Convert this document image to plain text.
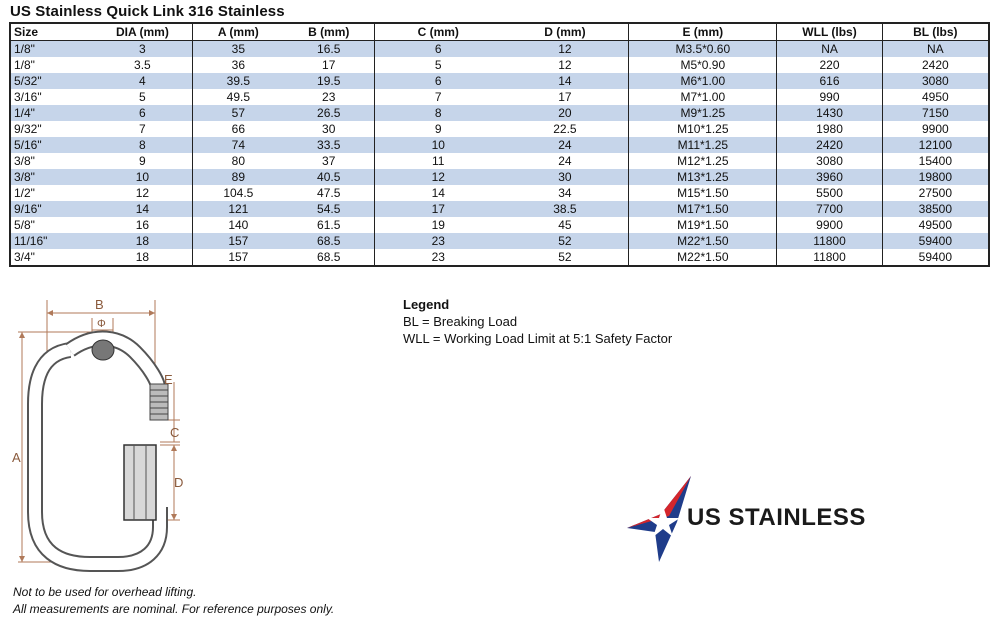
US Stainless Quick Link 316 Stainless
Size	DIA (mm)	A (mm)	B (mm)	C (mm)	D (mm)	E (mm)	WLL (lbs)	BL (lbs)
1/8"	3	35	16.5	6	12	M3.5*0.60	NA	NA
1/8"	3.5	36	17	5	12	M5*0.90	220	2420
5/32"	4	39.5	19.5	6	14	M6*1.00	616	3080
3/16"	5	49.5	23	7	17	M7*1.00	990	4950
1/4"	6	57	26.5	8	20	M9*1.25	1430	7150
9/32"	7	66	30	9	22.5	M10*1.25	1980	9900
5/16"	8	74	33.5	10	24	M11*1.25	2420	12100
3/8"	9	80	37	11	24	M12*1.25	3080	15400
3/8"	10	89	40.5	12	30	M13*1.25	3960	19800
1/2"	12	104.5	47.5	14	34	M15*1.50	5500	27500
9/16"	14	121	54.5	17	38.5	M17*1.50	7700	38500
5/8"	16	140	61.5	19	45	M19*1.50	9900	49500
11/16"	18	157	68.5	23	52	M22*1.50	11800	59400
3/4"	18	157	68.5	23	52	M22*1.50	11800	59400
B
Φ
A
E
C
D
Legend
BL = Breaking Load
WLL = Working Load Limit at 5:1 Safety Factor
US STAINLESS
Not to be used for overhead lifting.
All measurements are nominal. For reference purposes only.
